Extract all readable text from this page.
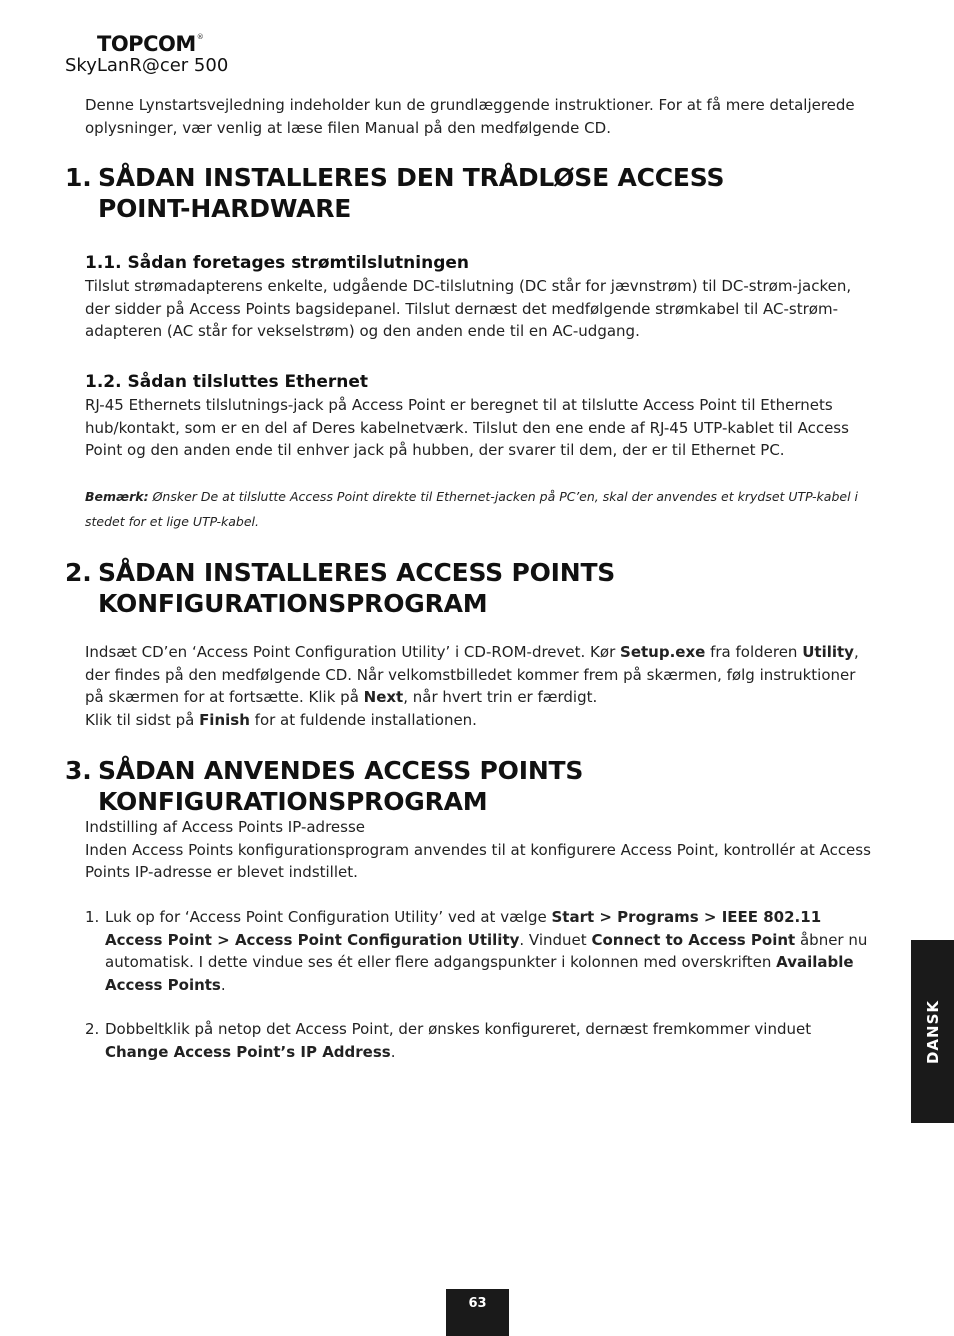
TOPCOM®
SkyLanR@cer 500
Denne Lynstartsvejledning indeholder kun de grundlæggende instruktioner. For at få mere detaljerede oplysninger, vær venlig at læse filen Manual på den medfølgende CD.
1. SÅDAN INSTALLERES DEN TRÅDLØSE ACCESS
POINT-HARDWARE
1.1. Sådan foretages strømtilslutningen
Tilslut strømadapterens enkelte, udgående DC-tilslutning (DC står for jævnstrøm) til DC-strøm-jacken, der sidder på Access Points bagsidepanel. Tilslut dernæst det medfølgende strømkabel til AC-strøm-adapteren (AC står for vekselstrøm) og den anden ende til en AC-udgang.
1.2. Sådan tilsluttes Ethernet
RJ-45 Ethernets tilslutnings-jack på Access Point er beregnet til at tilslutte Access Point til Ethernets hub/kontakt, som er en del af Deres kabelnetværk. Tilslut den ene ende af RJ-45 UTP-kablet til Access Point og den anden ende til enhver jack på hubben, der svarer til dem, der er til Ethernet PC.
Bemærk: Ønsker De at tilslutte Access Point direkte til Ethernet-jacken på PC’en, skal der anvendes et krydset UTP-kabel i stedet for et lige UTP-kabel.
2. SÅDAN INSTALLERES ACCESS POINTS
KONFIGURATIONSPROGRAM
Indsæt CD’en ‘Access Point Configuration Utility’ i CD-ROM-drevet. Kør Setup.exe fra folderen Utility, der findes på den medfølgende CD. Når velkomstbilledet kommer frem på skærmen, følg instruktioner på skærmen for at fortsætte. Klik på Next, når hvert trin er færdigt.
Klik til sidst på Finish for at fuldende installationen.
3. SÅDAN ANVENDES ACCESS POINTS
KONFIGURATIONSPROGRAM
Indstilling af Access Points IP-adresse
Inden Access Points konfigurationsprogram anvendes til at konfigurere Access Point, kontrollér at Access Points IP-adresse er blevet indstillet.
1. Luk op for ‘Access Point Configuration Utility’ ved at vælge Start > Programs > IEEE 802.11 Access Point > Access Point Configuration Utility. Vinduet Connect to Access Point åbner nu automatisk. I dette vindue ses ét eller flere adgangspunkter i kolonnen med overskriften Available Access Points.
2. Dobbeltklik på netop det Access Point, der ønskes konfigureret, dernæst fremkommer vinduet Change Access Point’s IP Address.	DANSK
63
